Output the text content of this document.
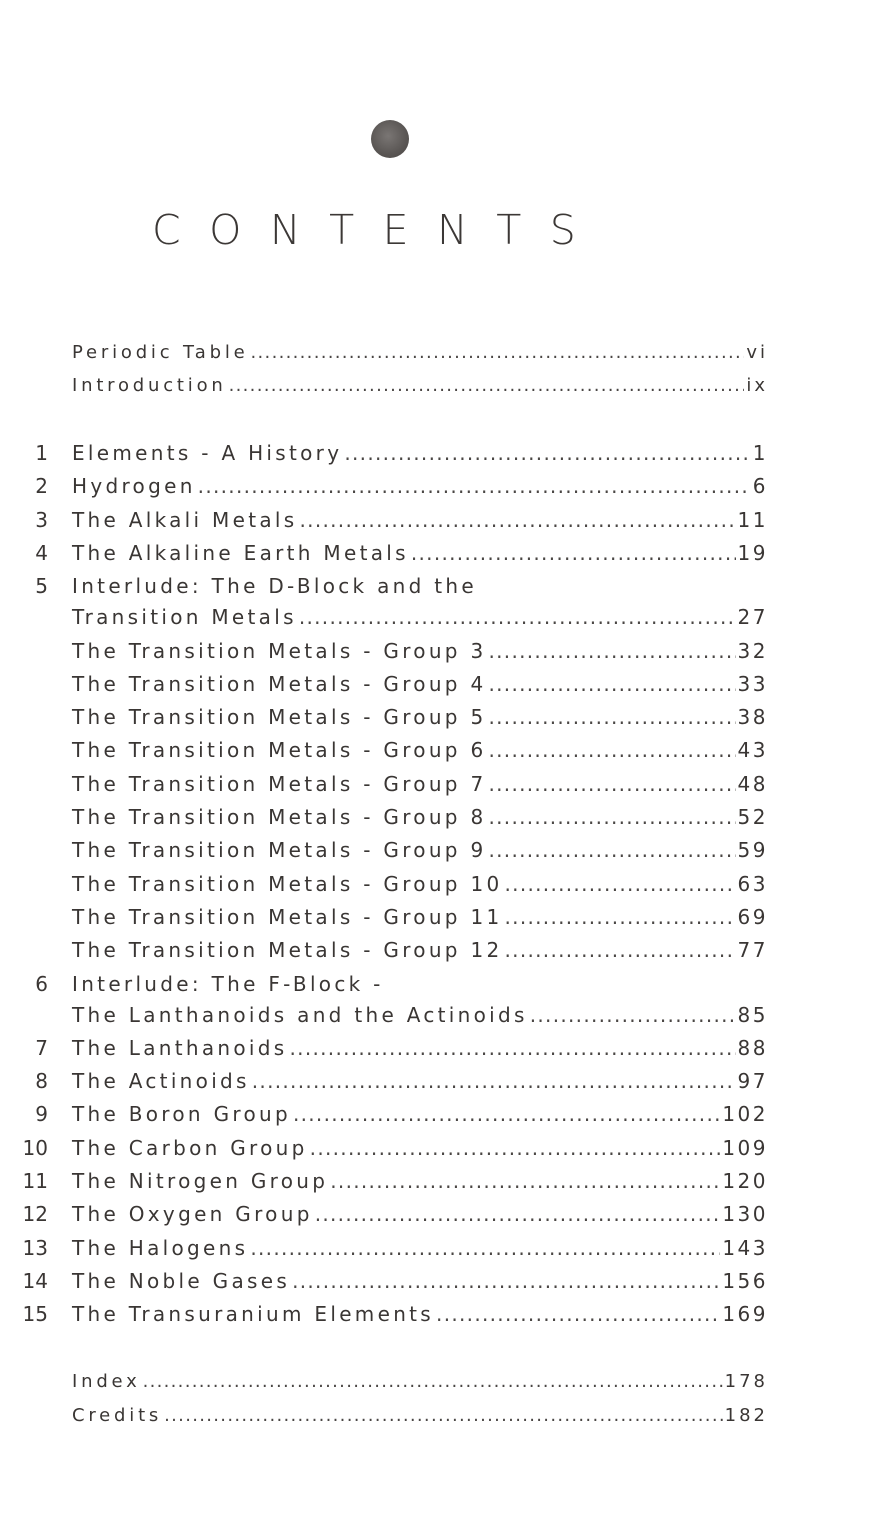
CONTENTS
Periodic Table .....	vi
Introduction .....	ix
1 Elements - A History .....	1
2 Hydrogen .....	6
3 The Alkali Metals .....	11
4 The Alkaline Earth Metals .....	19
5 Interlude: The D-Block and the
Transition Metals .....	27
The Transition Metals - Group 3 .....	32
The Transition Metals - Group 4 .....	33
The Transition Metals - Group 5 .....	38
The Transition Metals - Group 6 .....	43
The Transition Metals - Group 7 .....	48
The Transition Metals - Group 8 .....	52
The Transition Metals - Group 9 .....	59
The Transition Metals - Group 10 .....	63
The Transition Metals - Group 11 .....	69
The Transition Metals - Group 12 .....	77
6 Interlude: The F-Block -
The Lanthanoids and the Actinoids .....	85
7 The Lanthanoids .....	88
8 The Actinoids .....	97
9 The Boron Group .....	102
10 The Carbon Group .....	109
11 The Nitrogen Group .....	120
12 The Oxygen Group .....	130
13 The Halogens .....	143
14 The Noble Gases .....	156
15 The Transuranium Elements .....	169
Index .....	178
Credits .....	182
